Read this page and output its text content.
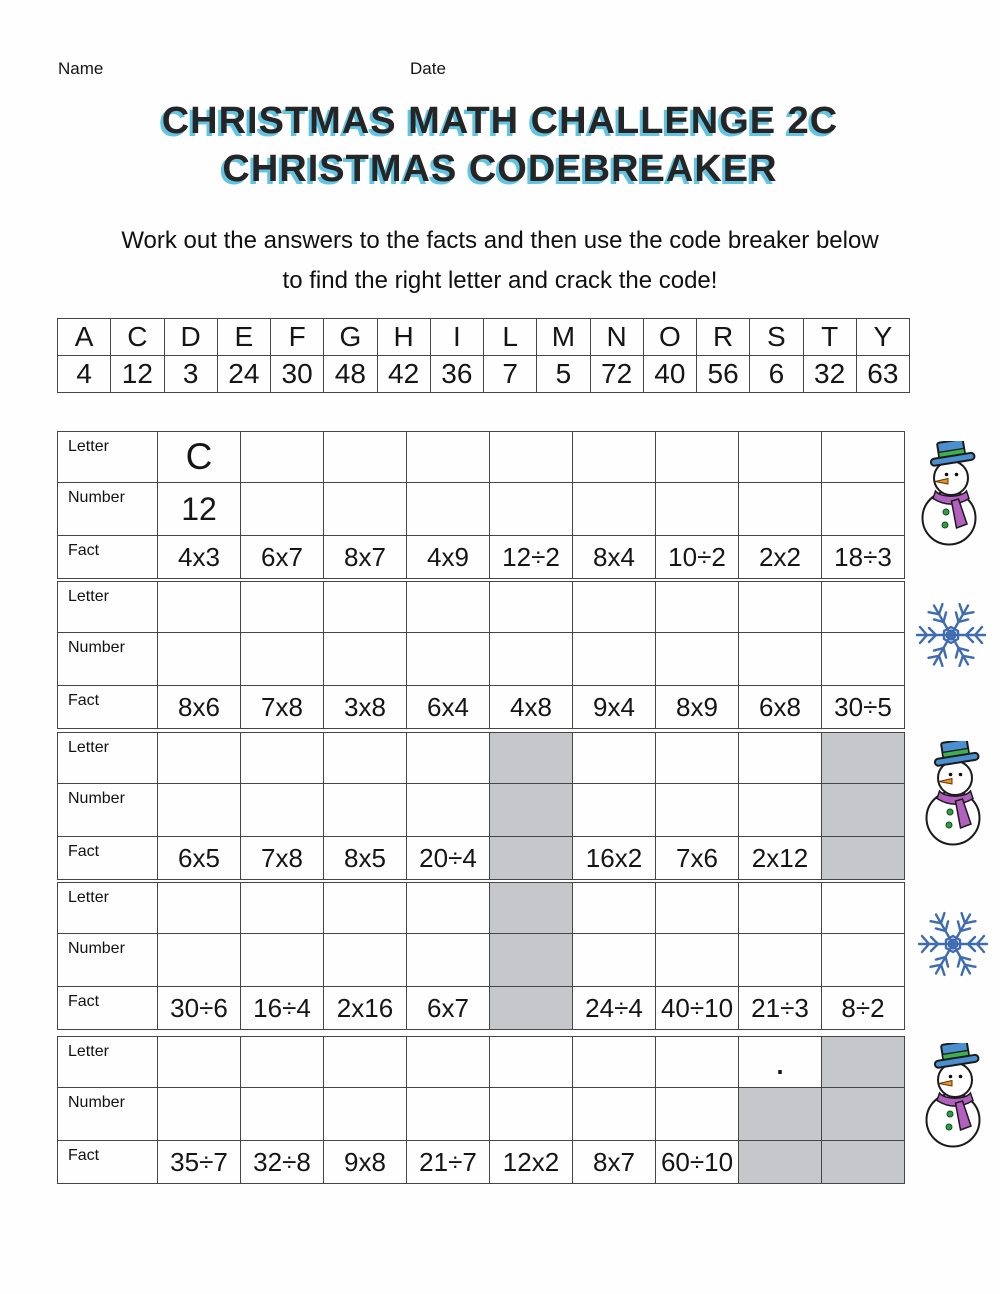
Name	Date
CHRISTMAS MATH CHALLENGE 2C
CHRISTMAS CODEBREAKER
Work out the answers to the facts and then use the code breaker below
to find the right letter and crack the code!
A	C	D	E	F	G	H	I	L	M	N	O	R	S	T	Y
4	12	3	24	30	48	42	36	7	5	72	40	56	6	32	63
Letter	C								
Number	12								
Fact	4x3	6x7	8x7	4x9	12÷2	8x4	10÷2	2x2	18÷3
Letter									
Number									
Fact	8x6	7x8	3x8	6x4	4x8	9x4	8x9	6x8	30÷5
Letter									
Number									
Fact	6x5	7x8	8x5	20÷4		16x2	7x6	2x12	
Letter									
Number									
Fact	30÷6	16÷4	2x16	6x7		24÷4	40÷10	21÷3	8÷2
Letter								.	
Number									
Fact	35÷7	32÷8	9x8	21÷7	12x2	8x7	60÷10		
